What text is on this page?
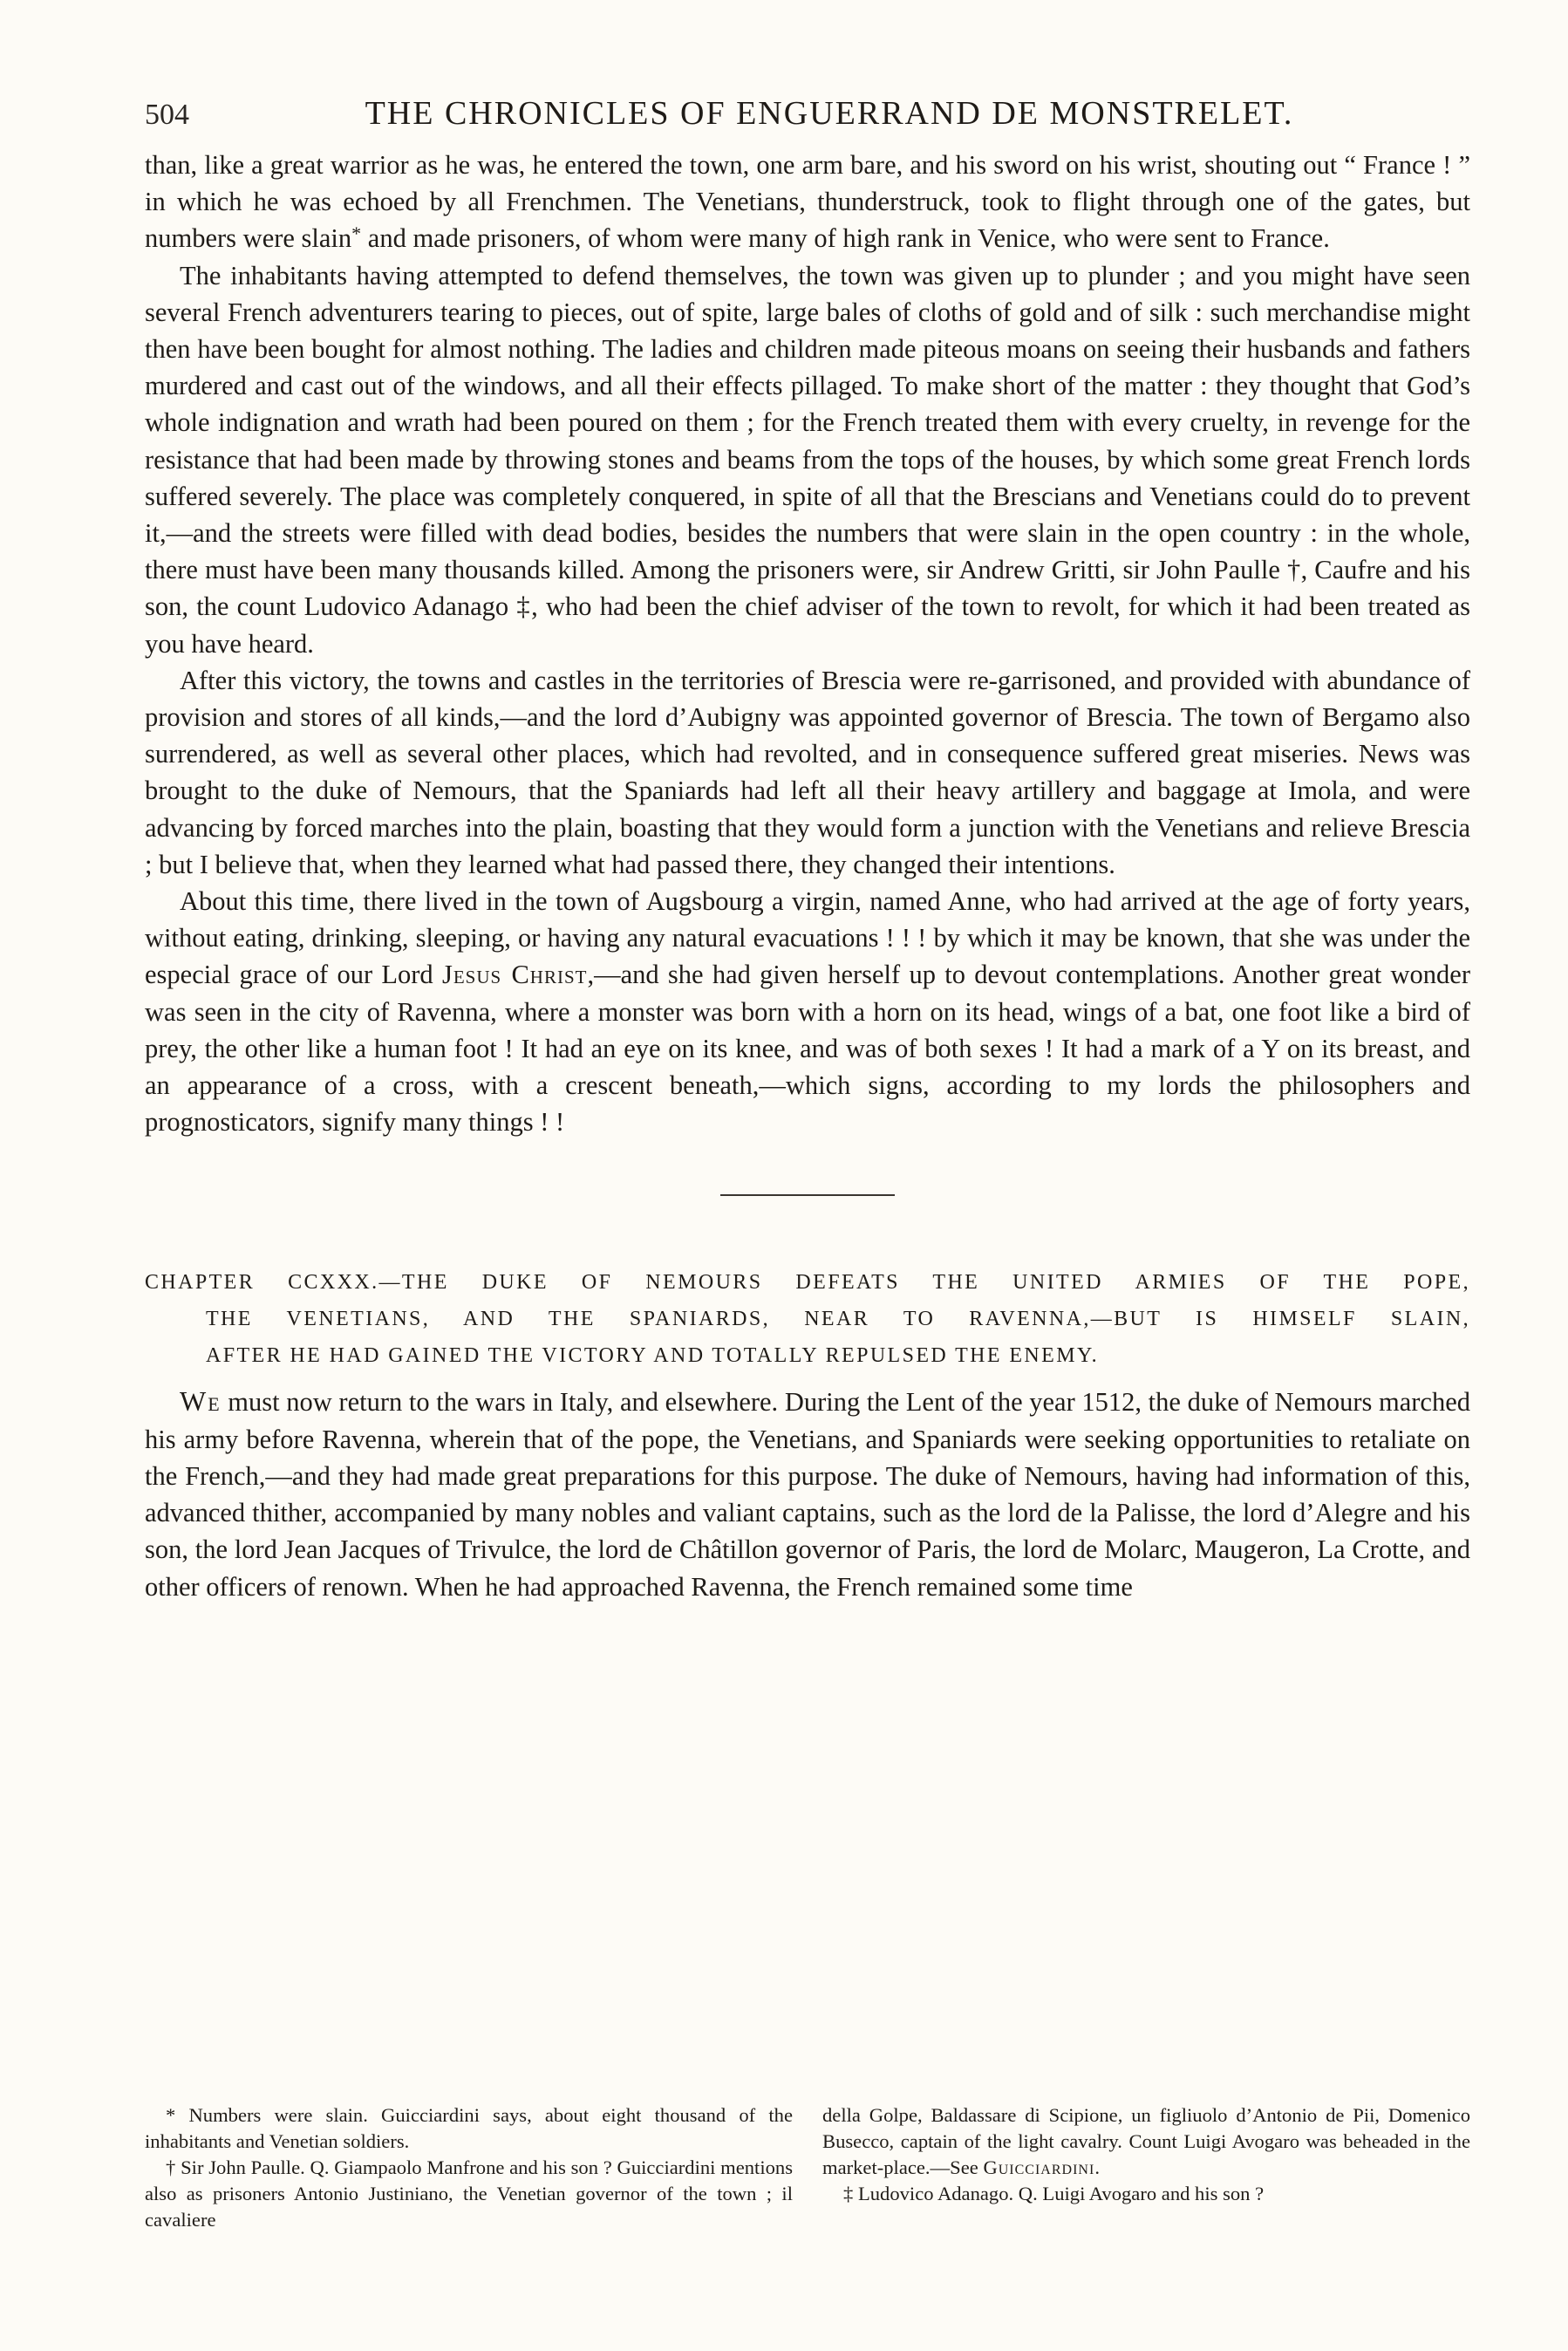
504	THE CHRONICLES OF ENGUERRAND DE MONSTRELET.

than, like a great warrior as he was, he entered the town, one arm bare, and his sword on his wrist, shouting out “ France ! ” in which he was echoed by all Frenchmen. The Venetians, thunderstruck, took to flight through one of the gates, but numbers were slain* and made prisoners, of whom were many of high rank in Venice, who were sent to France.

The inhabitants having attempted to defend themselves, the town was given up to plunder ; and you might have seen several French adventurers tearing to pieces, out of spite, large bales of cloths of gold and of silk : such merchandise might then have been bought for almost nothing. The ladies and children made piteous moans on seeing their husbands and fathers murdered and cast out of the windows, and all their effects pillaged. To make short of the matter : they thought that God’s whole indignation and wrath had been poured on them ; for the French treated them with every cruelty, in revenge for the resistance that had been made by throwing stones and beams from the tops of the houses, by which some great French lords suffered severely. The place was completely conquered, in spite of all that the Brescians and Venetians could do to prevent it,—and the streets were filled with dead bodies, besides the numbers that were slain in the open country : in the whole, there must have been many thousands killed. Among the prisoners were, sir Andrew Gritti, sir John Paulle †, Caufre and his son, the count Ludovico Adanago ‡, who had been the chief adviser of the town to revolt, for which it had been treated as you have heard.

After this victory, the towns and castles in the territories of Brescia were re-garrisoned, and provided with abundance of provision and stores of all kinds,—and the lord d’Aubigny was appointed governor of Brescia. The town of Bergamo also surrendered, as well as several other places, which had revolted, and in consequence suffered great miseries. News was brought to the duke of Nemours, that the Spaniards had left all their heavy artillery and baggage at Imola, and were advancing by forced marches into the plain, boasting that they would form a junction with the Venetians and relieve Brescia ; but I believe that, when they learned what had passed there, they changed their intentions.

About this time, there lived in the town of Augsbourg a virgin, named Anne, who had arrived at the age of forty years, without eating, drinking, sleeping, or having any natural evacuations ! ! ! by which it may be known, that she was under the especial grace of our Lord Jesus Christ,—and she had given herself up to devout contemplations. Another great wonder was seen in the city of Ravenna, where a monster was born with a horn on its head, wings of a bat, one foot like a bird of prey, the other like a human foot ! It had an eye on its knee, and was of both sexes ! It had a mark of a Y on its breast, and an appearance of a cross, with a crescent beneath,—which signs, according to my lords the philosophers and prognosticators, signify many things ! !

CHAPTER CCXXX.—THE DUKE OF NEMOURS DEFEATS THE UNITED ARMIES OF THE POPE,
THE VENETIANS, AND THE SPANIARDS, NEAR TO RAVENNA,—BUT IS HIMSELF SLAIN,
AFTER HE HAD GAINED THE VICTORY AND TOTALLY REPULSED THE ENEMY.

We must now return to the wars in Italy, and elsewhere. During the Lent of the year 1512, the duke of Nemours marched his army before Ravenna, wherein that of the pope, the Venetians, and Spaniards were seeking opportunities to retaliate on the French,—and they had made great preparations for this purpose. The duke of Nemours, having had information of this, advanced thither, accompanied by many nobles and valiant captains, such as the lord de la Palisse, the lord d’Alegre and his son, the lord Jean Jacques of Trivulce, the lord de Châtillon governor of Paris, the lord de Molarc, Maugeron, La Crotte, and other officers of renown. When he had approached Ravenna, the French remained some time

* Numbers were slain. Guicciardini says, about eight thousand of the inhabitants and Venetian soldiers.

† Sir John Paulle. Q. Giampaolo Manfrone and his son ? Guicciardini mentions also as prisoners Antonio Justiniano, the Venetian governor of the town ; il cavaliere

della Golpe, Baldassare di Scipione, un figliuolo d’Antonio de Pii, Domenico Busecco, captain of the light cavalry. Count Luigi Avogaro was beheaded in the market-place.—See Guicciardini.

‡ Ludovico Adanago. Q. Luigi Avogaro and his son ?
